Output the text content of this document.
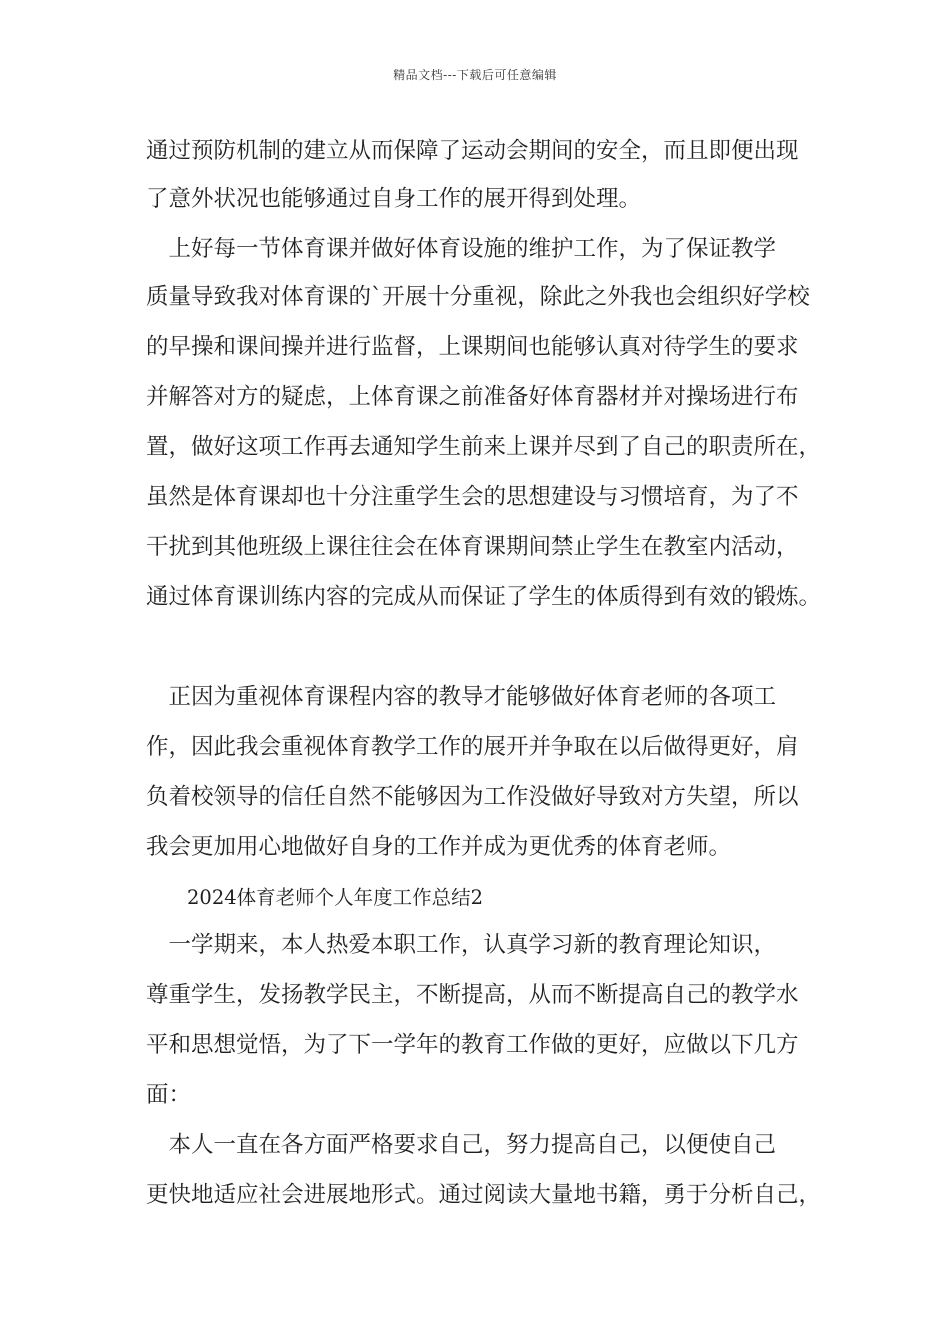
精品文档---下载后可任意编辑
通过预防机制的建立从而保障了运动会期间的安全，而且即便出现
了意外状况也能够通过自身工作的展开得到处理。
　上好每一节体育课并做好体育设施的维护工作，为了保证教学
质量导致我对体育课的`开展十分重视，除此之外我也会组织好学校
的早操和课间操并进行监督，上课期间也能够认真对待学生的要求
并解答对方的疑虑，上体育课之前准备好体育器材并对操场进行布
置，做好这项工作再去通知学生前来上课并尽到了自己的职责所在，
虽然是体育课却也十分注重学生会的思想建设与习惯培育，为了不
干扰到其他班级上课往往会在体育课期间禁止学生在教室内活动，
通过体育课训练内容的完成从而保证了学生的体质得到有效的锻炼。
　正因为重视体育课程内容的教导才能够做好体育老师的各项工
作，因此我会重视体育教学工作的展开并争取在以后做得更好，肩
负着校领导的信任自然不能够因为工作没做好导致对方失望，所以
我会更加用心地做好自身的工作并成为更优秀的体育老师。
2024体育老师个人年度工作总结2
　一学期来，本人热爱本职工作，认真学习新的教育理论知识，
尊重学生，发扬教学民主，不断提高，从而不断提高自己的教学水
平和思想觉悟，为了下一学年的教育工作做的更好，应做以下几方
面：
　本人一直在各方面严格要求自己，努力提高自己，以便使自己
更快地适应社会进展地形式。通过阅读大量地书籍，勇于分析自己，
